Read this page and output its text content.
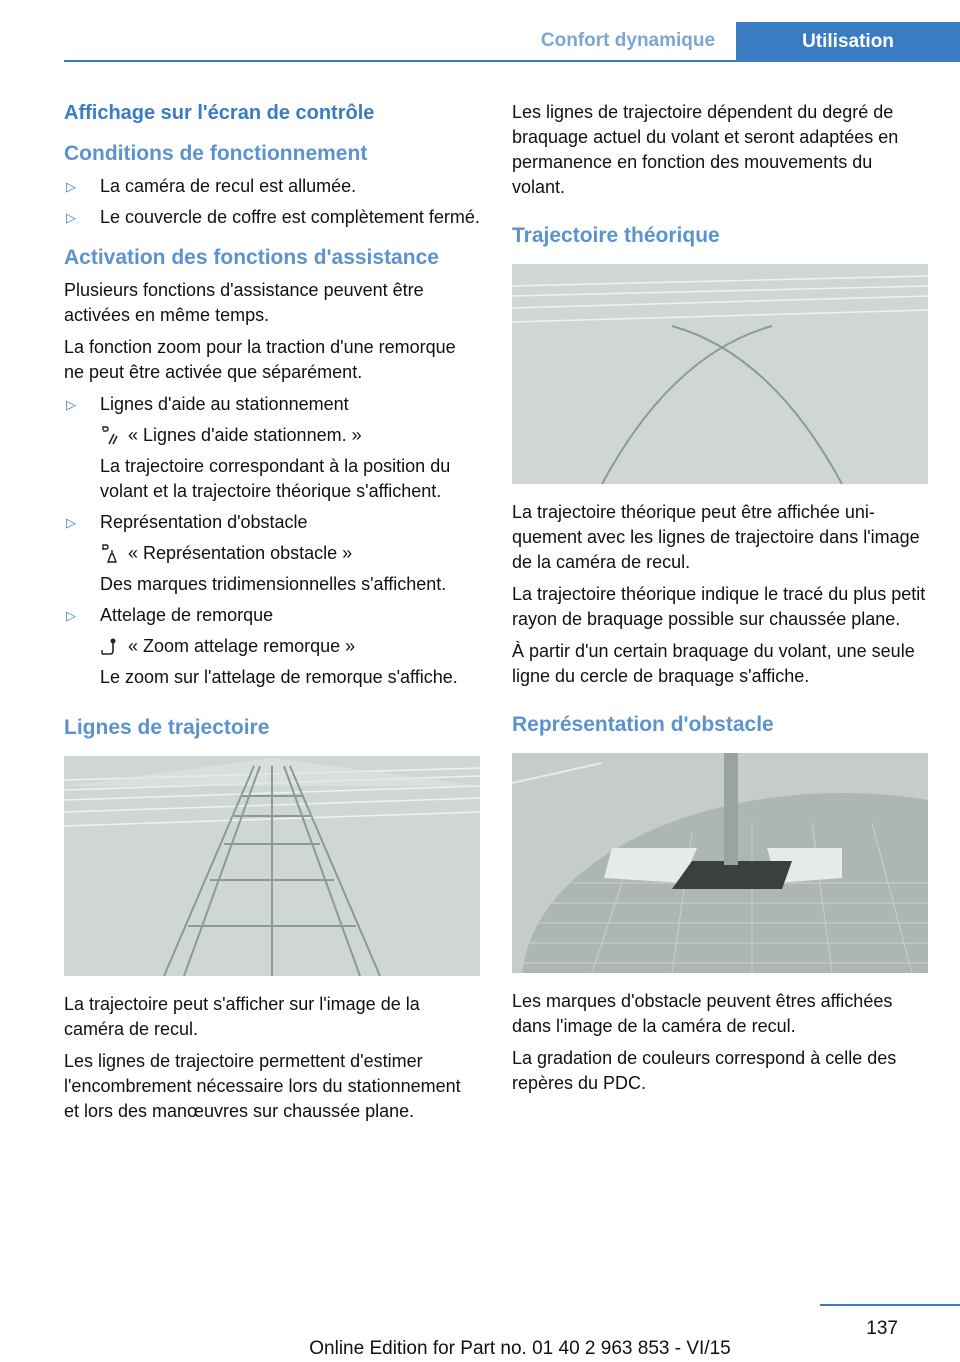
Confort dynamique	Utilisation
Affichage sur l'écran de contrôle
Conditions de fonctionnement
▷	La caméra de recul est allumée.
▷	Le couvercle de coffre est complètement fermé.
Activation des fonctions d'assistance

Plusieurs fonctions d'assistance peuvent être activées en même temps.

La fonction zoom pour la traction d'une remorque ne peut être activée que séparément.

▷	Lignes d'aide au stationnement
« Lignes d'aide stationnem. »
La trajectoire correspondant à la position du volant et la trajectoire théorique s'affichent.
▷	Représentation d'obstacle
« Représentation obstacle »
Des marques tridimensionnelles s'affichent.
▷	Attelage de remorque
« Zoom attelage remorque »
Le zoom sur l'attelage de remorque s'affiche.
Lignes de trajectoire

La trajectoire peut s'afficher sur l'image de la caméra de recul.

Les lignes de trajectoire permettent d'estimer l'encombrement nécessaire lors du stationnement et lors des manœuvres sur chaussée plane.

Les lignes de trajectoire dépendent du degré de braquage actuel du volant et seront adaptées en permanence en fonction des mouvements du volant.

Trajectoire théorique

La trajectoire théorique peut être affichée uniquement avec les lignes de trajectoire dans l'image de la caméra de recul.

La trajectoire théorique indique le tracé du plus petit rayon de braquage possible sur chaussée plane.

À partir d'un certain braquage du volant, une seule ligne du cercle de braquage s'affiche.

Représentation d'obstacle

Les marques d'obstacle peuvent êtres affichées dans l'image de la caméra de recul.

La gradation de couleurs correspond à celle des repères du PDC.

137
Online Edition for Part no. 01 40 2 963 853 - VI/15
